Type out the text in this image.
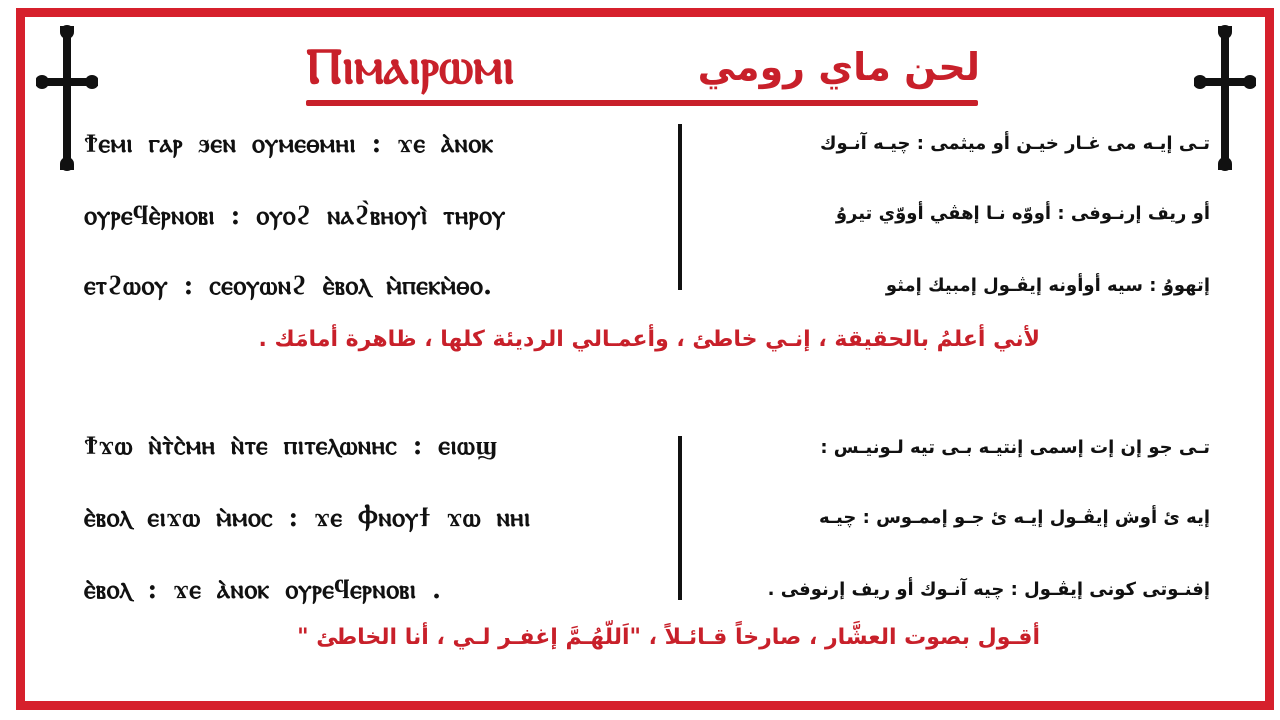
Ⲡⲓⲙⲁⲓⲣⲱⲙⲓ	لحن ماي رومي
Ϯⲉⲙⲓ ⲅⲁⲣ ϧⲉⲛ ⲟⲩⲙⲉⲑⲙⲏⲓ : ϫⲉ ⲁ̀ⲛⲟⲕ
ⲟⲩⲣⲉϥⲉ̀ⲣⲛⲟⲃⲓ : ⲟⲩⲟϩ ⲛⲁϩ̀ⲃⲏⲟⲩⲓ̀ ⲧⲏⲣⲟⲩ
ⲉⲧϩⲱⲟⲩ : ⲥⲉⲟⲩⲱⲛϩ ⲉ̀ⲃⲟⲗ ⲙ̀ⲡⲉⲕⲙ̀ⲑⲟ.
تـى إيـه مى غـار خيـن أو ميثمى : چيـه آنـوك
أو ريف إرنـوفى : أووّه نـا إهڤي أووّي تيروُ
إتهووُ : سيه أوأونه إيڤـول إمبيك إمثو
لأني أعلمُ بالحقيقة ، إنـي خاطئ ، وأعمـالي الرديئة كلها ، ظاهرة أمامَك .
Ϯϫⲱ ⲛ̀ⲧ̀ⲥ̀ⲙⲏ ⲛ̀ⲧⲉ ⲡⲓⲧⲉⲗⲱⲛⲏⲥ : ⲉⲓⲱϣ
ⲉ̀ⲃⲟⲗ ⲉⲓϫⲱ ⲙ̀ⲙⲟⲥ : ϫⲉ Ⲫⲛⲟⲩϯ ϫⲱ ⲛⲏⲓ
ⲉ̀ⲃⲟⲗ : ϫⲉ ⲁ̀ⲛⲟⲕ ⲟⲩⲣⲉϥⲉⲣⲛⲟⲃⲓ .
تـى جو إن إت إسمى إنتيـه بـى تيه لـونيـس :
إيه ئ أوش إيڤـول إيـه ئ جـو إممـوس : چيـه
إفنـوتى كونى إيڤـول : چيه آنـوك أو ريف إرنوفى .
أقـول بصوت العشَّار ، صارخاً قـائـلاً ، "اَللّهُـمَّ إغفـر لـي ، أنا الخاطئ "
